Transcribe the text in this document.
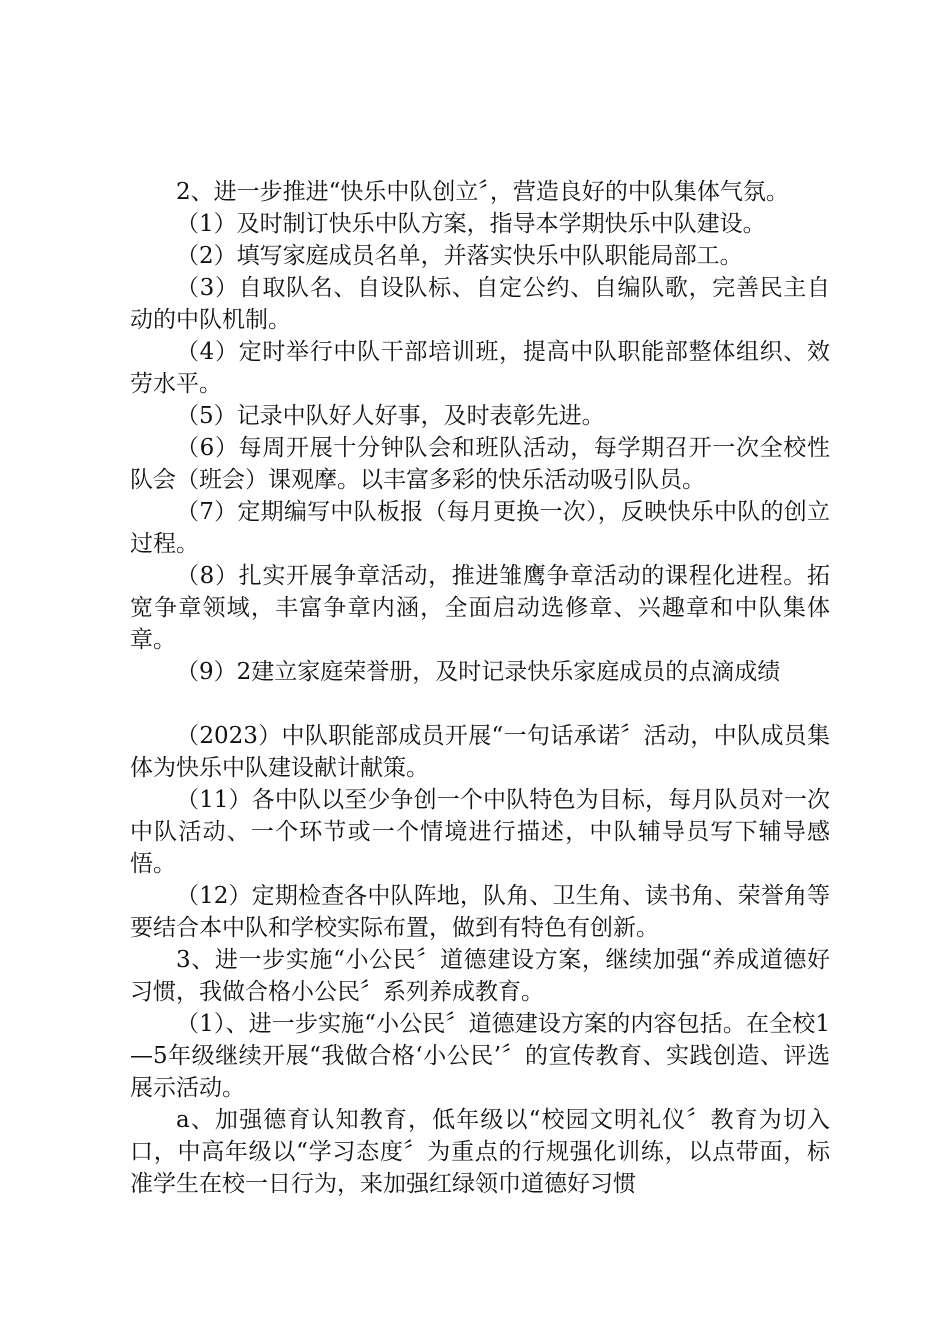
2、进一步推进“快乐中队创立〞，营造良好的中队集体气氛。

（1）及时制订快乐中队方案，指导本学期快乐中队建设。

（2）填写家庭成员名单，并落实快乐中队职能局部工。

（3）自取队名、自设队标、自定公约、自编队歌，完善民主自动的中队机制。

（4）定时举行中队干部培训班，提高中队职能部整体组织、效劳水平。

（5）记录中队好人好事，及时表彰先进。

（6）每周开展十分钟队会和班队活动，每学期召开一次全校性队会（班会）课观摩。以丰富多彩的快乐活动吸引队员。

（7）定期编写中队板报（每月更换一次），反映快乐中队的创立过程。

（8）扎实开展争章活动，推进雏鹰争章活动的课程化进程。拓宽争章领域，丰富争章内涵，全面启动选修章、兴趣章和中队集体章。

（9）2建立家庭荣誉册，及时记录快乐家庭成员的点滴成绩

（2023）中队职能部成员开展“一句话承诺〞活动，中队成员集体为快乐中队建设献计献策。

（11）各中队以至少争创一个中队特色为目标，每月队员对一次中队活动、一个环节或一个情境进行描述，中队辅导员写下辅导感悟。

（12）定期检查各中队阵地，队角、卫生角、读书角、荣誉角等要结合本中队和学校实际布置，做到有特色有创新。

3、进一步实施“小公民〞道德建设方案，继续加强“养成道德好习惯，我做合格小公民〞系列养成教育。

（1）、进一步实施“小公民〞道德建设方案的内容包括。在全校1—5年级继续开展“我做合格‘小公民’〞的宣传教育、实践创造、评选展示活动。

a、加强德育认知教育，低年级以“校园文明礼仪〞教育为切入口，中高年级以“学习态度〞为重点的行规强化训练，以点带面，标准学生在校一日行为，来加强红绿领巾道德好习惯
